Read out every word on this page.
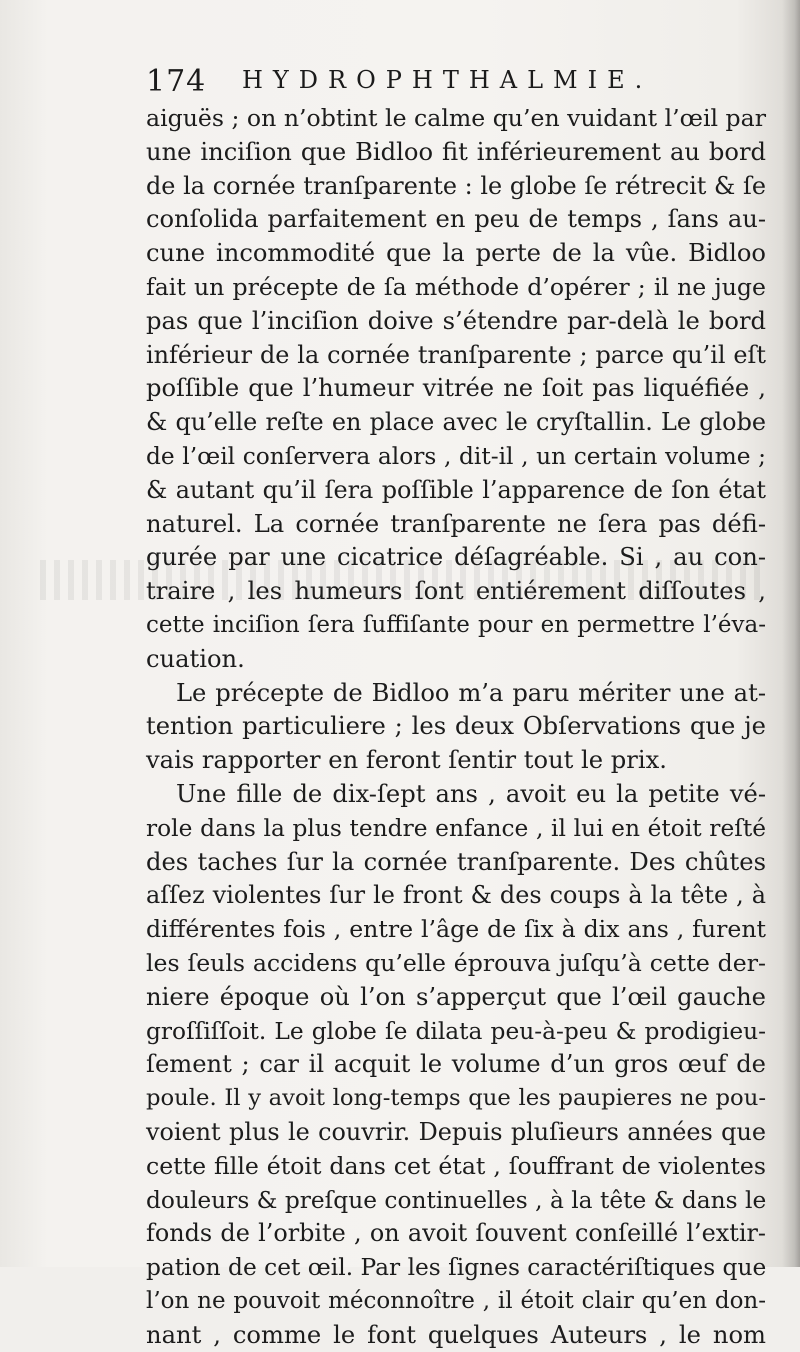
174 HYDROPHTHALMIE.
aiguës ; on n’obtint le calme qu’en vuidant l’œil par
une inciſion que Bidloo fit inférieurement au bord
de la cornée tranſparente : le globe ſe rétrecit & ſe
conſolida parfaitement en peu de temps , ſans au-
cune incommodité que la perte de la vûe. Bidloo
fait un précepte de ſa méthode d’opérer ; il ne juge
pas que l’inciſion doive s’étendre par-delà le bord
inférieur de la cornée tranſparente ; parce qu’il eſt
poſſible que l’humeur vitrée ne ſoit pas liquéfiée ,
& qu’elle reſte en place avec le cryſtallin. Le globe
de l’œil conſervera alors , dit-il , un certain volume ;
& autant qu’il ſera poſſible l’apparence de ſon état
naturel. La cornée tranſparente ne ſera pas défi-
gurée par une cicatrice déſagréable. Si , au con-
traire , les humeurs ſont entiérement diſſoutes ,
cette inciſion ſera ſuffiſante pour en permettre l’éva-
cuation.
Le précepte de Bidloo m’a paru mériter une at-
tention particuliere ; les deux Obſervations que je
vais rapporter en feront ſentir tout le prix.
Une fille de dix-ſept ans , avoit eu la petite vé-
role dans la plus tendre enfance , il lui en étoit reſté
des taches ſur la cornée tranſparente. Des chûtes
aſſez violentes ſur le front & des coups à la tête , à
différentes fois , entre l’âge de ſix à dix ans , furent
les ſeuls accidens qu’elle éprouva juſqu’à cette der-
niere époque où l’on s’apperçut que l’œil gauche
groſſiſſoit. Le globe ſe dilata peu-à-peu & prodigieu-
ſement ; car il acquit le volume d’un gros œuf de
poule. Il y avoit long-temps que les paupieres ne pou-
voient plus le couvrir. Depuis pluſieurs années que
cette fille étoit dans cet état , ſouffrant de violentes
douleurs & preſque continuelles , à la tête & dans le
fonds de l’orbite , on avoit ſouvent conſeillé l’extir-
pation de cet œil. Par les ſignes caractériſtiques que
l’on ne pouvoit méconnoître , il étoit clair qu’en don-
nant , comme le font quelques Auteurs , le nom
